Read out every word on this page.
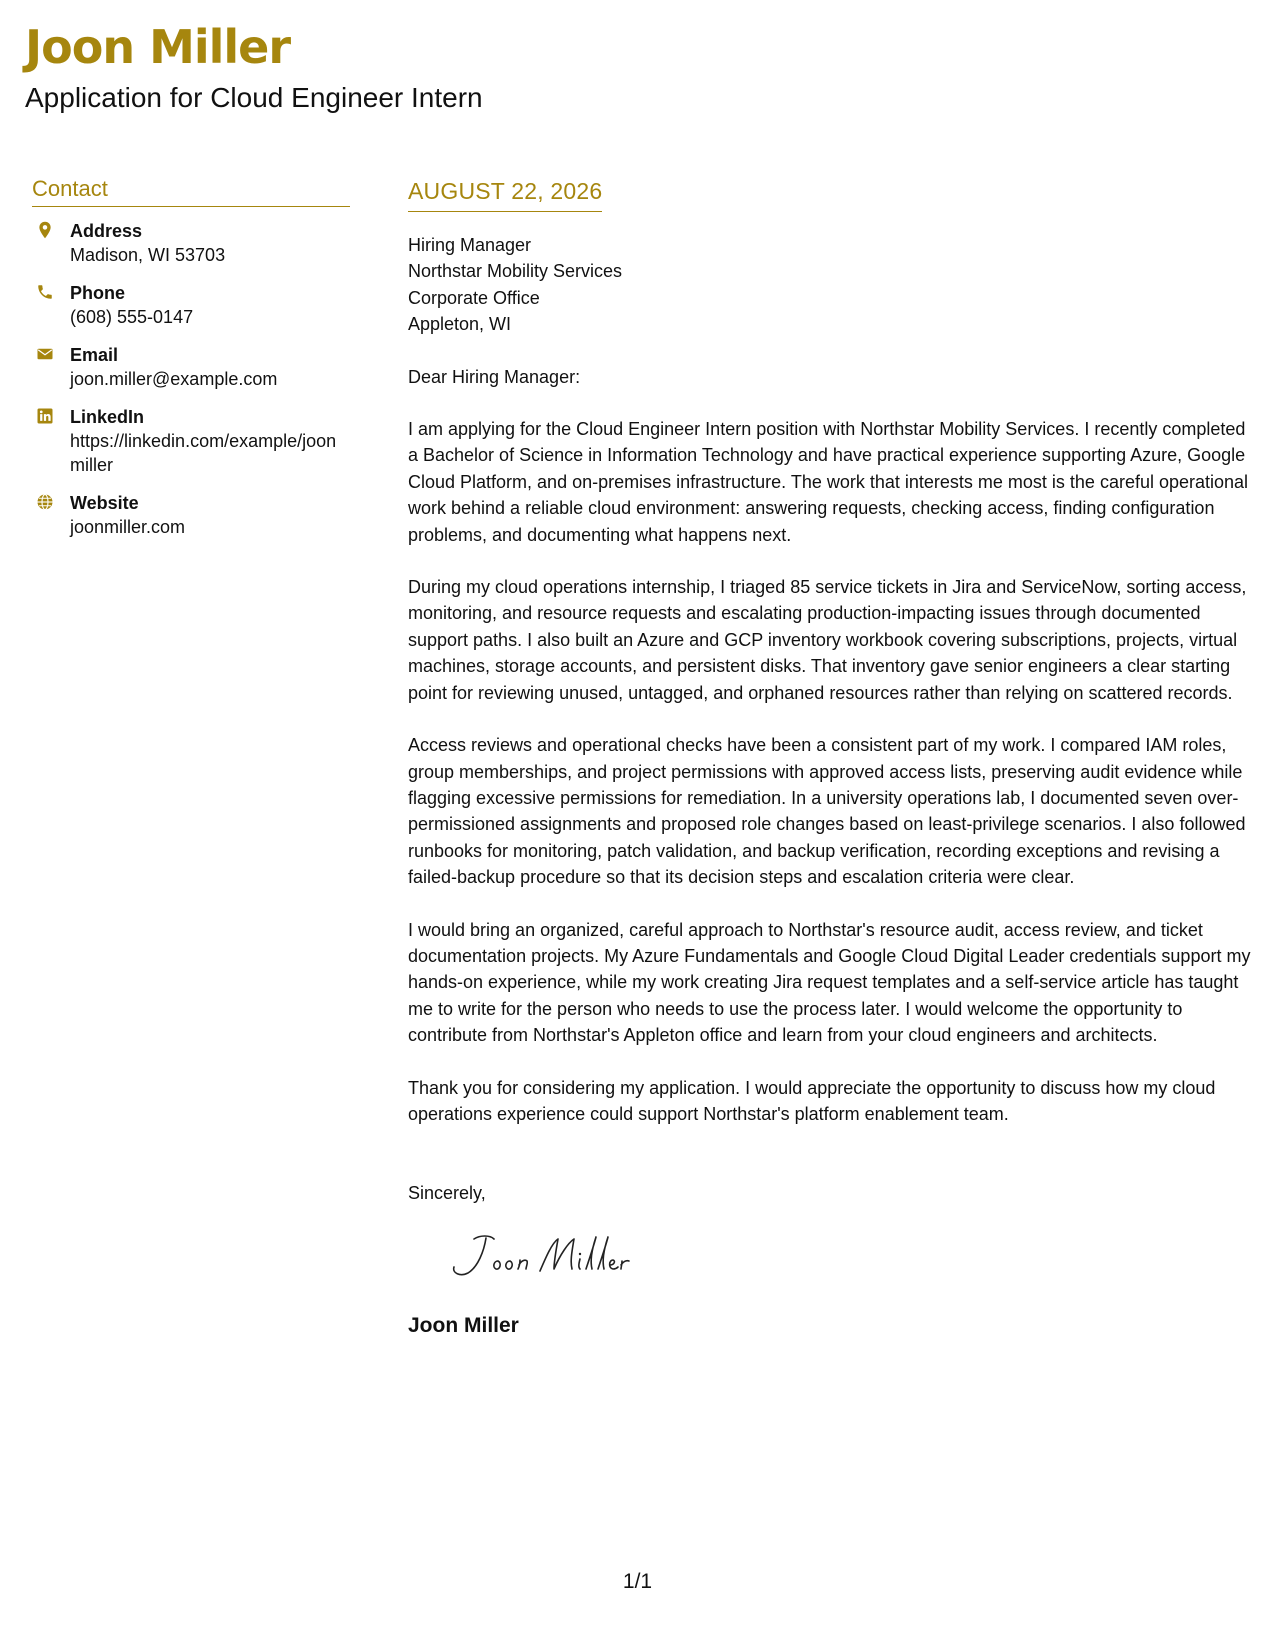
Joon Miller
Application for Cloud Engineer Intern
Contact
Address
Madison, WI 53703
Phone
(608) 555-0147
Email
joon.miller@example.com
LinkedIn
https://linkedin.com/example/joonmiller
Website
joonmiller.com
AUGUST 22, 2026
Hiring Manager
Northstar Mobility Services
Corporate Office
Appleton, WI
Dear Hiring Manager:
I am applying for the Cloud Engineer Intern position with Northstar Mobility Services. I recently completed a Bachelor of Science in Information Technology and have practical experience supporting Azure, Google Cloud Platform, and on-premises infrastructure. The work that interests me most is the careful operational work behind a reliable cloud environment: answering requests, checking access, finding configuration problems, and documenting what happens next.
During my cloud operations internship, I triaged 85 service tickets in Jira and ServiceNow, sorting access, monitoring, and resource requests and escalating production-impacting issues through documented support paths. I also built an Azure and GCP inventory workbook covering subscriptions, projects, virtual machines, storage accounts, and persistent disks. That inventory gave senior engineers a clear starting point for reviewing unused, untagged, and orphaned resources rather than relying on scattered records.
Access reviews and operational checks have been a consistent part of my work. I compared IAM roles, group memberships, and project permissions with approved access lists, preserving audit evidence while flagging excessive permissions for remediation. In a university operations lab, I documented seven over-permissioned assignments and proposed role changes based on least-privilege scenarios. I also followed runbooks for monitoring, patch validation, and backup verification, recording exceptions and revising a failed-backup procedure so that its decision steps and escalation criteria were clear.
I would bring an organized, careful approach to Northstar's resource audit, access review, and ticket documentation projects. My Azure Fundamentals and Google Cloud Digital Leader credentials support my hands-on experience, while my work creating Jira request templates and a self-service article has taught me to write for the person who needs to use the process later. I would welcome the opportunity to contribute from Northstar's Appleton office and learn from your cloud engineers and architects.
Thank you for considering my application. I would appreciate the opportunity to discuss how my cloud operations experience could support Northstar's platform enablement team.
Sincerely,
Joon Miller
1/1
